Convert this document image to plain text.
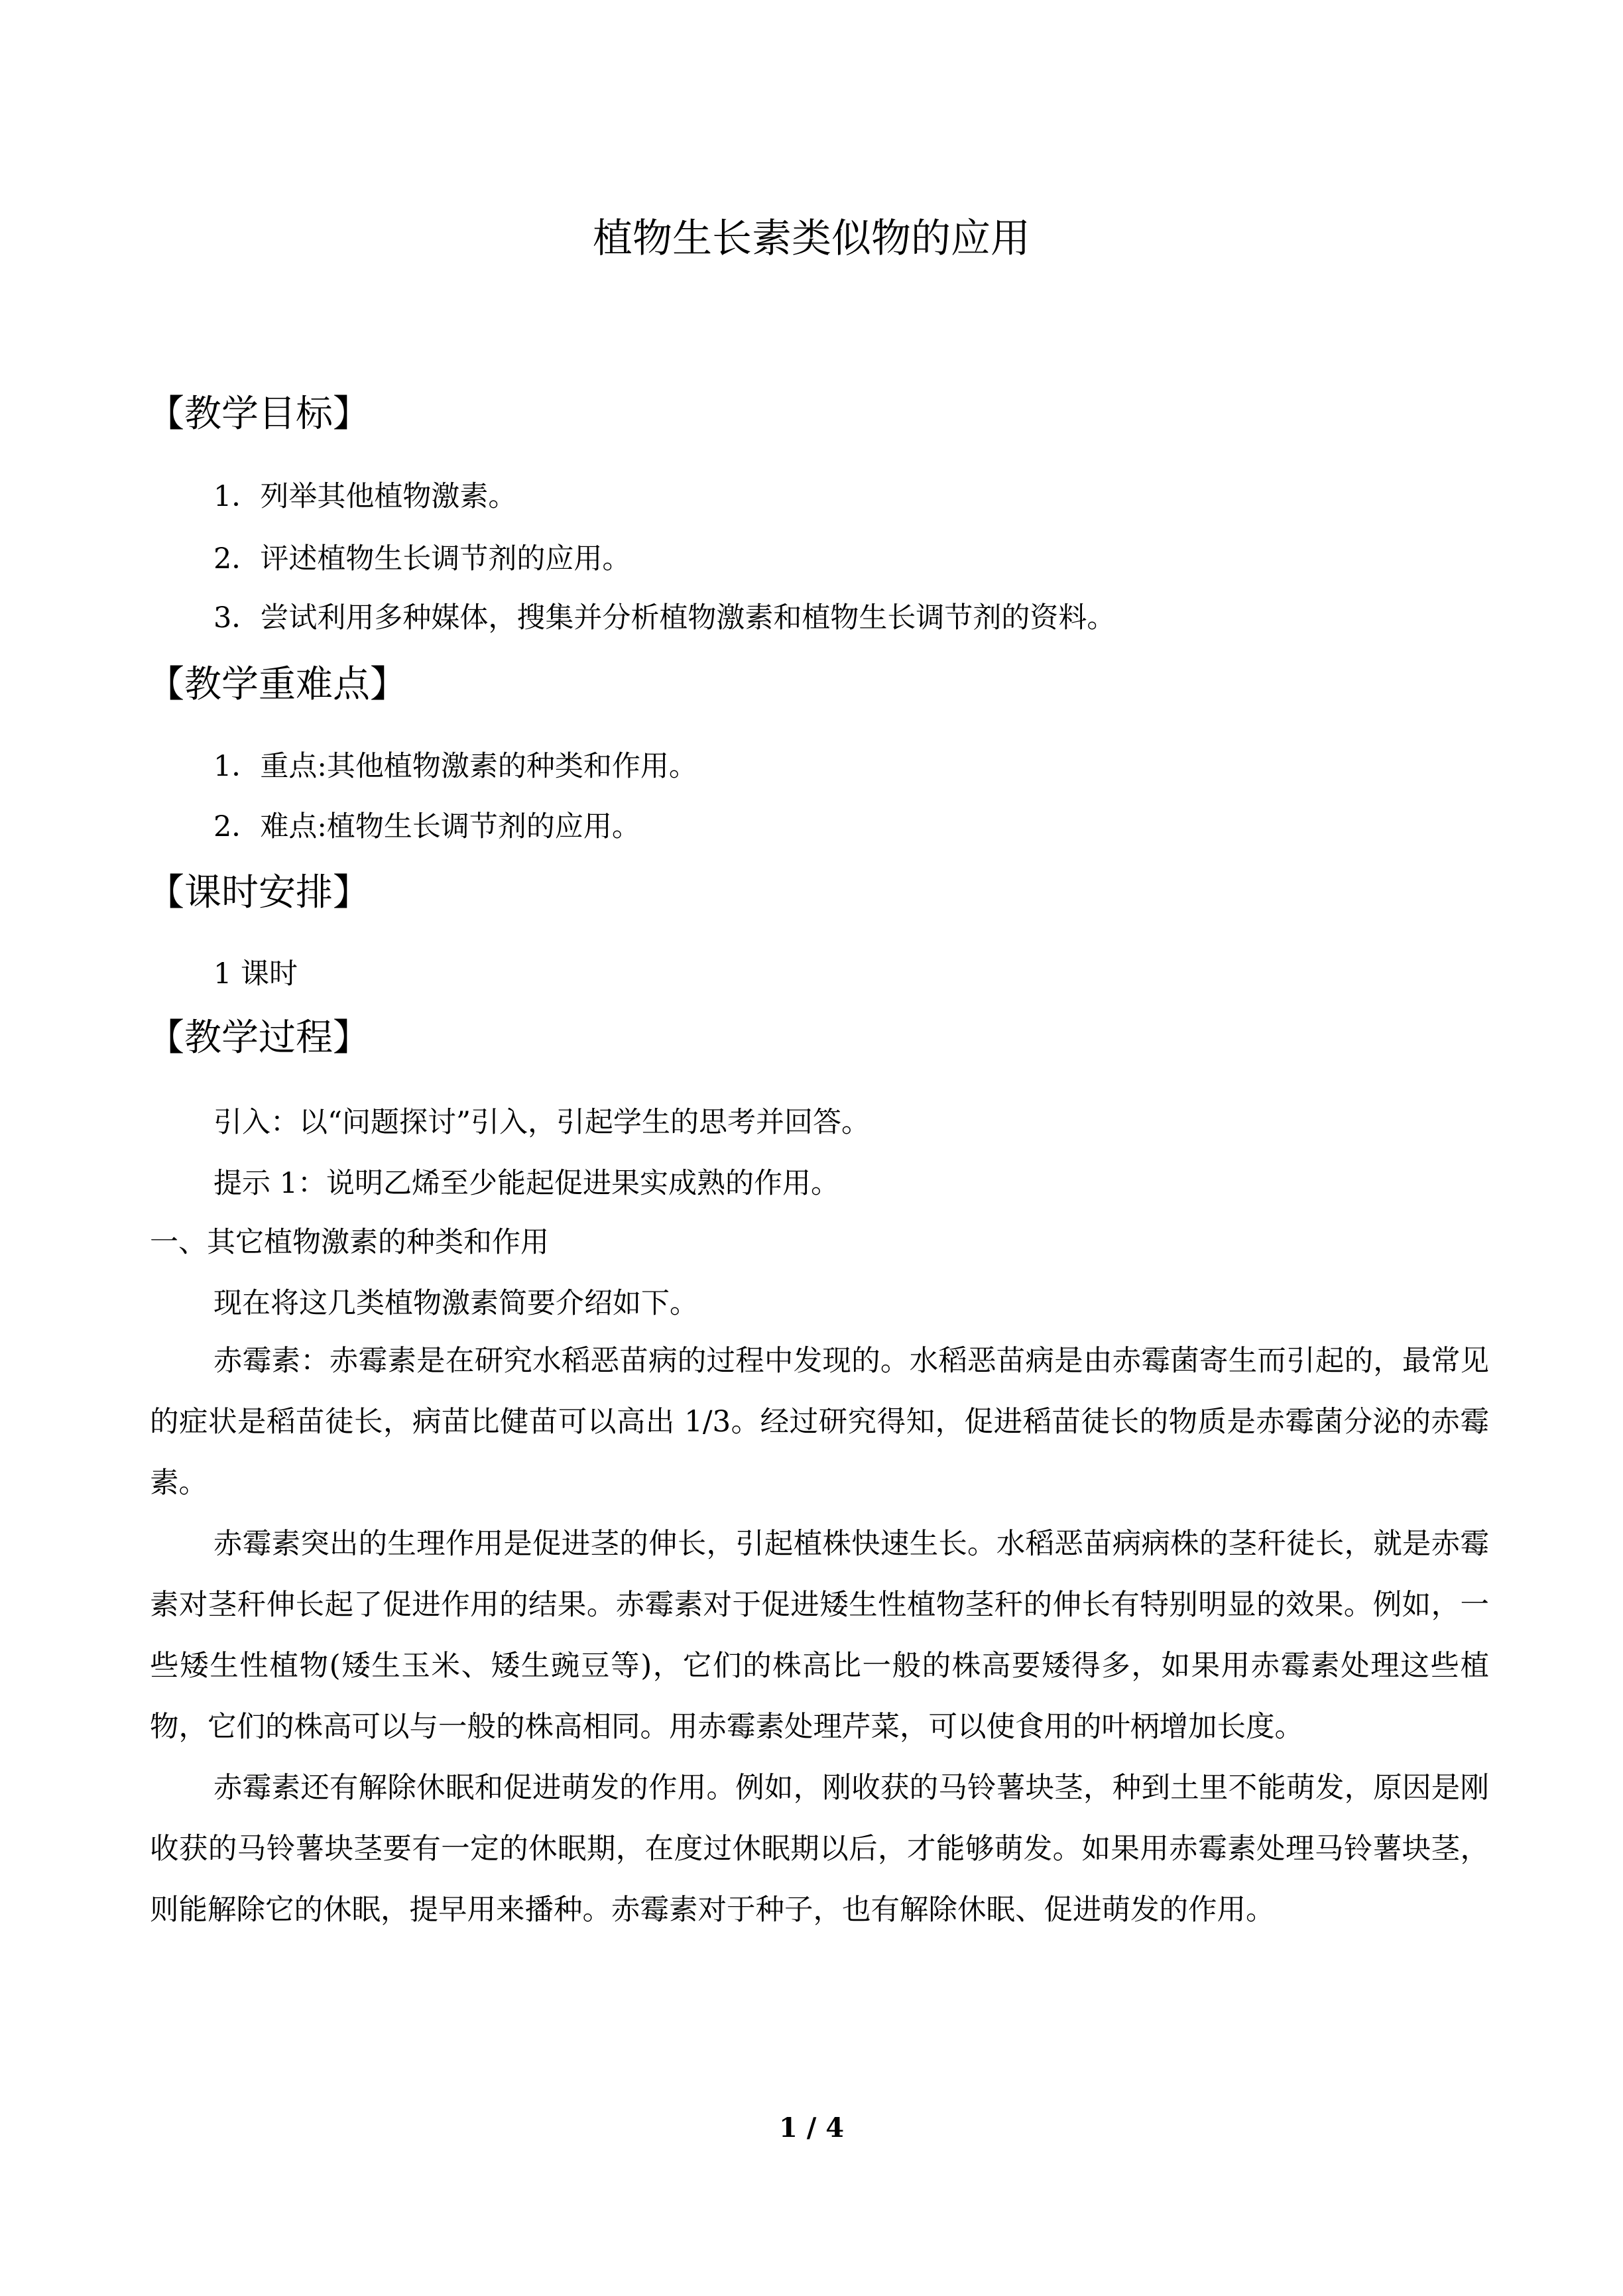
植物生长素类似物的应用
【教学目标】
1．列举其他植物激素。
2．评述植物生长调节剂的应用。
3．尝试利用多种媒体，搜集并分析植物激素和植物生长调节剂的资料。
【教学重难点】
1．重点:其他植物激素的种类和作用。
2．难点:植物生长调节剂的应用。
【课时安排】
1 课时
【教学过程】
引入：以“问题探讨”引入，引起学生的思考并回答。
提示 1：说明乙烯至少能起促进果实成熟的作用。
一、其它植物激素的种类和作用
现在将这几类植物激素简要介绍如下。

赤霉素：赤霉素是在研究水稻恶苗病的过程中发现的。水稻恶苗病是由赤霉菌寄生而引起的，最常见的症状是稻苗徒长，病苗比健苗可以高出 1/3。经过研究得知，促进稻苗徒长的物质是赤霉菌分泌的赤霉素。

赤霉素突出的生理作用是促进茎的伸长，引起植株快速生长。水稻恶苗病病株的茎秆徒长，就是赤霉素对茎秆伸长起了促进作用的结果。赤霉素对于促进矮生性植物茎秆的伸长有特别明显的效果。例如，一些矮生性植物(矮生玉米、矮生豌豆等)，它们的株高比一般的株高要矮得多，如果用赤霉素处理这些植物，它们的株高可以与一般的株高相同。用赤霉素处理芹菜，可以使食用的叶柄增加长度。

赤霉素还有解除休眠和促进萌发的作用。例如，刚收获的马铃薯块茎，种到土里不能萌发，原因是刚收获的马铃薯块茎要有一定的休眠期，在度过休眠期以后，才能够萌发。如果用赤霉素处理马铃薯块茎，则能解除它的休眠，提早用来播种。赤霉素对于种子，也有解除休眠、促进萌发的作用。

1 / 4
